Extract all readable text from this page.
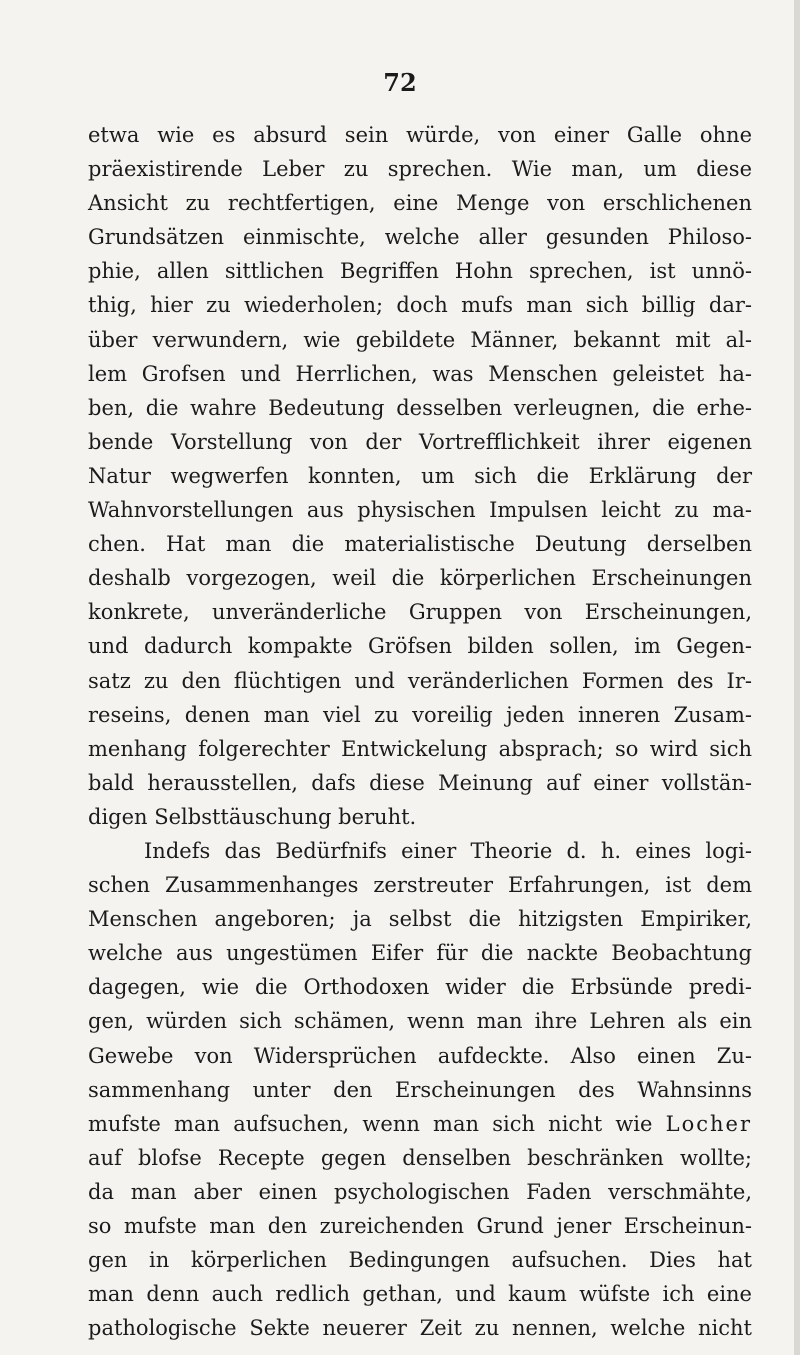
72
etwa wie es absurd sein würde, von einer Galle ohne
präexistirende Leber zu sprechen. Wie man, um diese
Ansicht zu rechtfertigen, eine Menge von erschlichenen
Grundsätzen einmischte, welche aller gesunden Philoso-
phie, allen sittlichen Begriffen Hohn sprechen, ist unnö-
thig, hier zu wiederholen; doch mufs man sich billig dar-
über verwundern, wie gebildete Männer, bekannt mit al-
lem Grofsen und Herrlichen, was Menschen geleistet ha-
ben, die wahre Bedeutung desselben verleugnen, die erhe-
bende Vorstellung von der Vortrefflichkeit ihrer eigenen
Natur wegwerfen konnten, um sich die Erklärung der
Wahnvorstellungen aus physischen Impulsen leicht zu ma-
chen. Hat man die materialistische Deutung derselben
deshalb vorgezogen, weil die körperlichen Erscheinungen
konkrete, unveränderliche Gruppen von Erscheinungen,
und dadurch kompakte Gröfsen bilden sollen, im Gegen-
satz zu den flüchtigen und veränderlichen Formen des Ir-
reseins, denen man viel zu voreilig jeden inneren Zusam-
menhang folgerechter Entwickelung absprach; so wird sich
bald herausstellen, dafs diese Meinung auf einer vollstän-
digen Selbsttäuschung beruht.
Indefs das Bedürfnifs einer Theorie d. h. eines logi-
schen Zusammenhanges zerstreuter Erfahrungen, ist dem
Menschen angeboren; ja selbst die hitzigsten Empiriker,
welche aus ungestümen Eifer für die nackte Beobachtung
dagegen, wie die Orthodoxen wider die Erbsünde predi-
gen, würden sich schämen, wenn man ihre Lehren als ein
Gewebe von Widersprüchen aufdeckte. Also einen Zu-
sammenhang unter den Erscheinungen des Wahnsinns
mufste man aufsuchen, wenn man sich nicht wie Locher
auf blofse Recepte gegen denselben beschränken wollte;
da man aber einen psychologischen Faden verschmähte,
so mufste man den zureichenden Grund jener Erscheinun-
gen in körperlichen Bedingungen aufsuchen. Dies hat
man denn auch redlich gethan, und kaum wüfste ich eine
pathologische Sekte neuerer Zeit zu nennen, welche nicht
